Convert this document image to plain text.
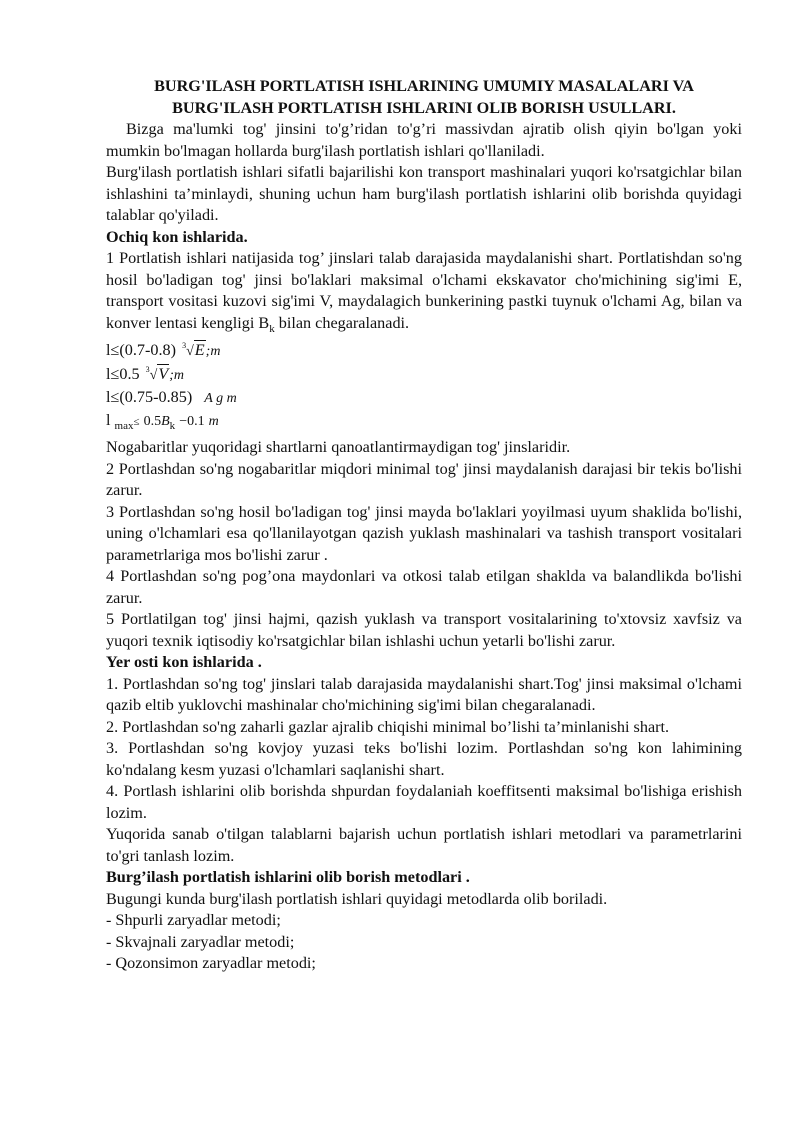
BURG'ILASH PORTLATISH ISHLARINING UMUMIY MASALALARI VA

BURG'ILASH PORTLATISH ISHLARINI OLIB BORISH USULLARI.

Bizga ma'lumki tog' jinsini to'g’ridan to'g’ri massivdan ajratib olish qiyin bo'lgan yoki mumkin bo'lmagan hollarda burg'ilash portlatish ishlari qo'llaniladi.

Burg'ilash portlatish ishlari sifatli bajarilishi kon transport mashinalari yuqori ko'rsatgichlar bilan ishlashini ta’minlaydi, shuning uchun ham burg'ilash portlatish ishlarini olib borishda quyidagi talablar qo'yiladi.

Ochiq kon ishlarida.

1 Portlatish ishlari natijasida tog’ jinslari talab darajasida maydalanishi shart. Portlatishdan so'ng hosil bo'ladigan tog' jinsi bo'laklari maksimal o'lchami ekskavator cho'michining sig'imi E, transport vositasi kuzovi sig'imi V, maydalagich bunkerining pastki tuynuk o'lchami Ag, bilan va konver lentasi kengligi $B_k$ bilan chegaralanadi.

l≤(0.7-0.8) $^3$√E;m

l≤0.5 $^3$√V;m

l≤(0.75-0.85) A g m

l $_{max}\le 0.5B_k -0.1$ m

Nogabaritlar yuqoridagi shartlarni qanoatlantirmaydigan tog' jinslaridir.

2 Portlashdan so'ng nogabaritlar miqdori minimal tog' jinsi maydalanish darajasi bir tekis bo'lishi zarur.

3 Portlashdan so'ng hosil bo'ladigan tog' jinsi mayda bo'laklari yoyilmasi uyum shaklida bo'lishi, uning o'lchamlari esa qo'llanilayotgan qazish yuklash mashinalari va tashish transport vositalari parametrlariga mos bo'lishi zarur .

4 Portlashdan so'ng pog’ona maydonlari va otkosi talab etilgan shaklda va balandlikda bo'lishi zarur.

5 Portlatilgan tog' jinsi hajmi, qazish yuklash va transport vositalarining to'xtovsiz xavfsiz va yuqori texnik iqtisodiy ko'rsatgichlar bilan ishlashi uchun yetarli bo'lishi zarur.

Yer osti kon ishlarida .

1. Portlashdan so'ng tog' jinslari talab darajasida maydalanishi shart.Tog' jinsi maksimal o'lchami qazib eltib yuklovchi mashinalar cho'michining sig'imi bilan chegaralanadi.

2. Portlashdan so'ng zaharli gazlar ajralib chiqishi minimal bo’lishi ta’minlanishi shart.

3. Portlashdan so'ng kovjoy yuzasi teks bo'lishi lozim. Portlashdan so'ng kon lahimining ko'ndalang kesm yuzasi o'lchamlari saqlanishi shart.

4. Portlash ishlarini olib borishda shpurdan foydalaniah koeffitsenti maksimal bo'lishiga erishish lozim.

Yuqorida sanab o'tilgan talablarni bajarish uchun portlatish ishlari metodlari va parametrlarini to'gri tanlash lozim.

Burg’ilash portlatish ishlarini olib borish metodlari .

Bugungi kunda burg'ilash portlatish ishlari quyidagi metodlarda olib boriladi.

- Shpurli zaryadlar metodi;

- Skvajnali zaryadlar metodi;

- Qozonsimon zaryadlar metodi;
